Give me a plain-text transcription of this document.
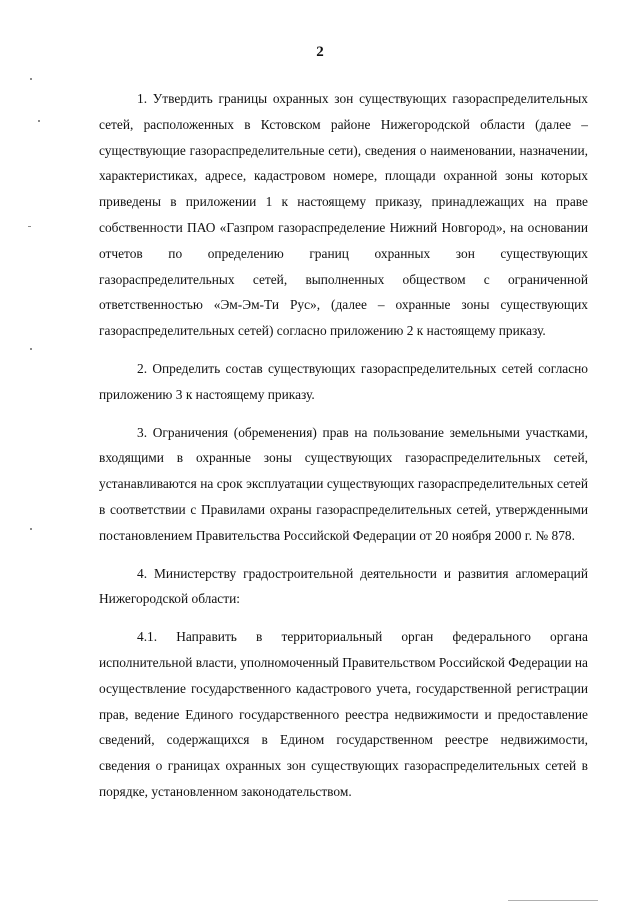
2

1. Утвердить границы охранных зон существующих газораспределительных сетей, расположенных в Кстовском районе Нижегородской области (далее – существующие газораспределительные сети), сведения о наименовании, назначении, характеристиках, адресе, кадастровом номере, площади охранной зоны которых приведены в приложении 1 к настоящему приказу, принадлежащих на праве собственности ПАО «Газпром газораспределение Нижний Новгород», на основании отчетов по определению границ охранных зон существующих газораспределительных сетей, выполненных обществом с ограниченной ответственностью «Эм-Эм-Ти Рус», (далее – охранные зоны существующих газораспределительных сетей) согласно приложению 2 к настоящему приказу.

2. Определить состав существующих газораспределительных сетей согласно приложению 3 к настоящему приказу.

3. Ограничения (обременения) прав на пользование земельными участками, входящими в охранные зоны существующих газораспределительных сетей, устанавливаются на срок эксплуатации существующих газораспределительных сетей в соответствии с Правилами охраны газораспределительных сетей, утвержденными постановлением Правительства Российской Федерации от 20 ноября 2000 г. № 878.

4. Министерству градостроительной деятельности и развития агломераций Нижегородской области:

4.1. Направить в территориальный орган федерального органа исполнительной власти, уполномоченный Правительством Российской Федерации на осуществление государственного кадастрового учета, государственной регистрации прав, ведение Единого государственного реестра недвижимости и предоставление сведений, содержащихся в Едином государственном реестре недвижимости, сведения о границах охранных зон существующих газораспределительных сетей в порядке, установленном законодательством.
